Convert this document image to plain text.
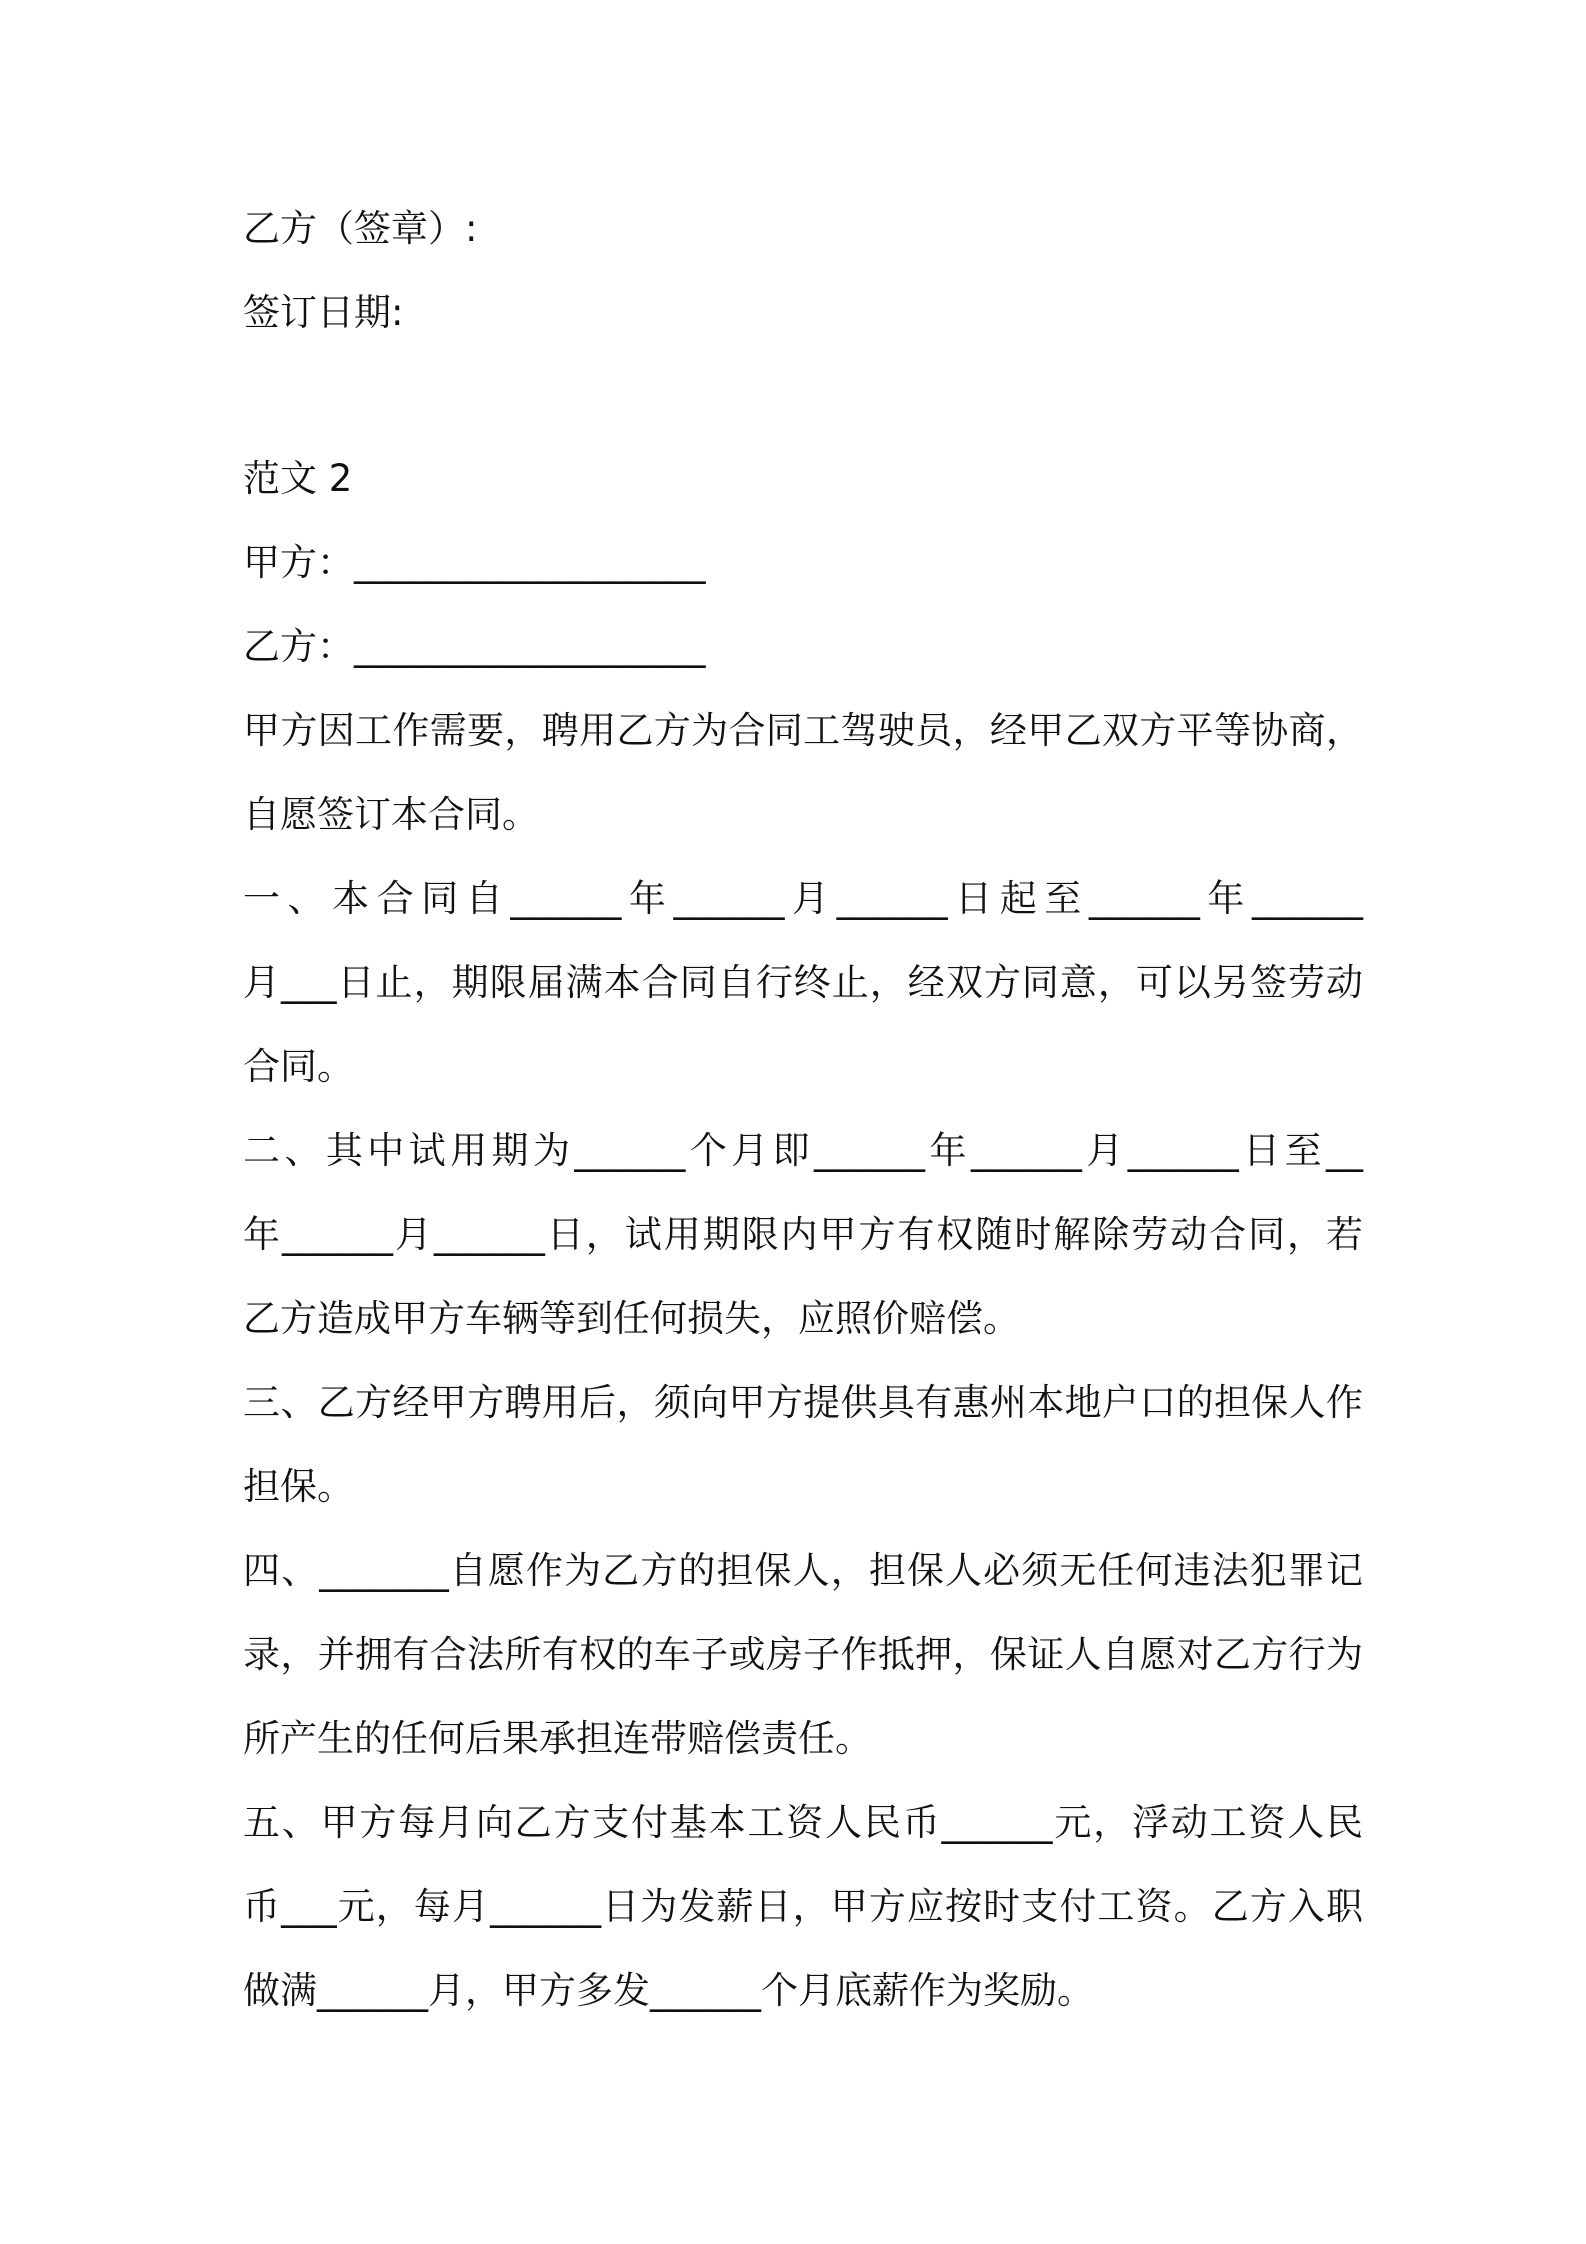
乙方（签章）:
签订日期:
范文 2
甲方：___________________
乙方：___________________
甲方因工作需要，聘用乙方为合同工驾驶员，经甲乙双方平等协商，
自愿签订本合同。
一、本合同自______年______月______日起至______年______
月___日止，期限届满本合同自行终止，经双方同意，可以另签劳动
合同。
二、其中试用期为______个月即______年______月______日至__
年______月______日，试用期限内甲方有权随时解除劳动合同，若
乙方造成甲方车辆等到任何损失，应照价赔偿。
三、乙方经甲方聘用后，须向甲方提供具有惠州本地户口的担保人作
担保。
四、_______自愿作为乙方的担保人，担保人必须无任何违法犯罪记
录，并拥有合法所有权的车子或房子作抵押，保证人自愿对乙方行为
所产生的任何后果承担连带赔偿责任。
五、甲方每月向乙方支付基本工资人民币______元，浮动工资人民
币___元，每月______日为发薪日，甲方应按时支付工资。乙方入职
做满______月，甲方多发______个月底薪作为奖励。
